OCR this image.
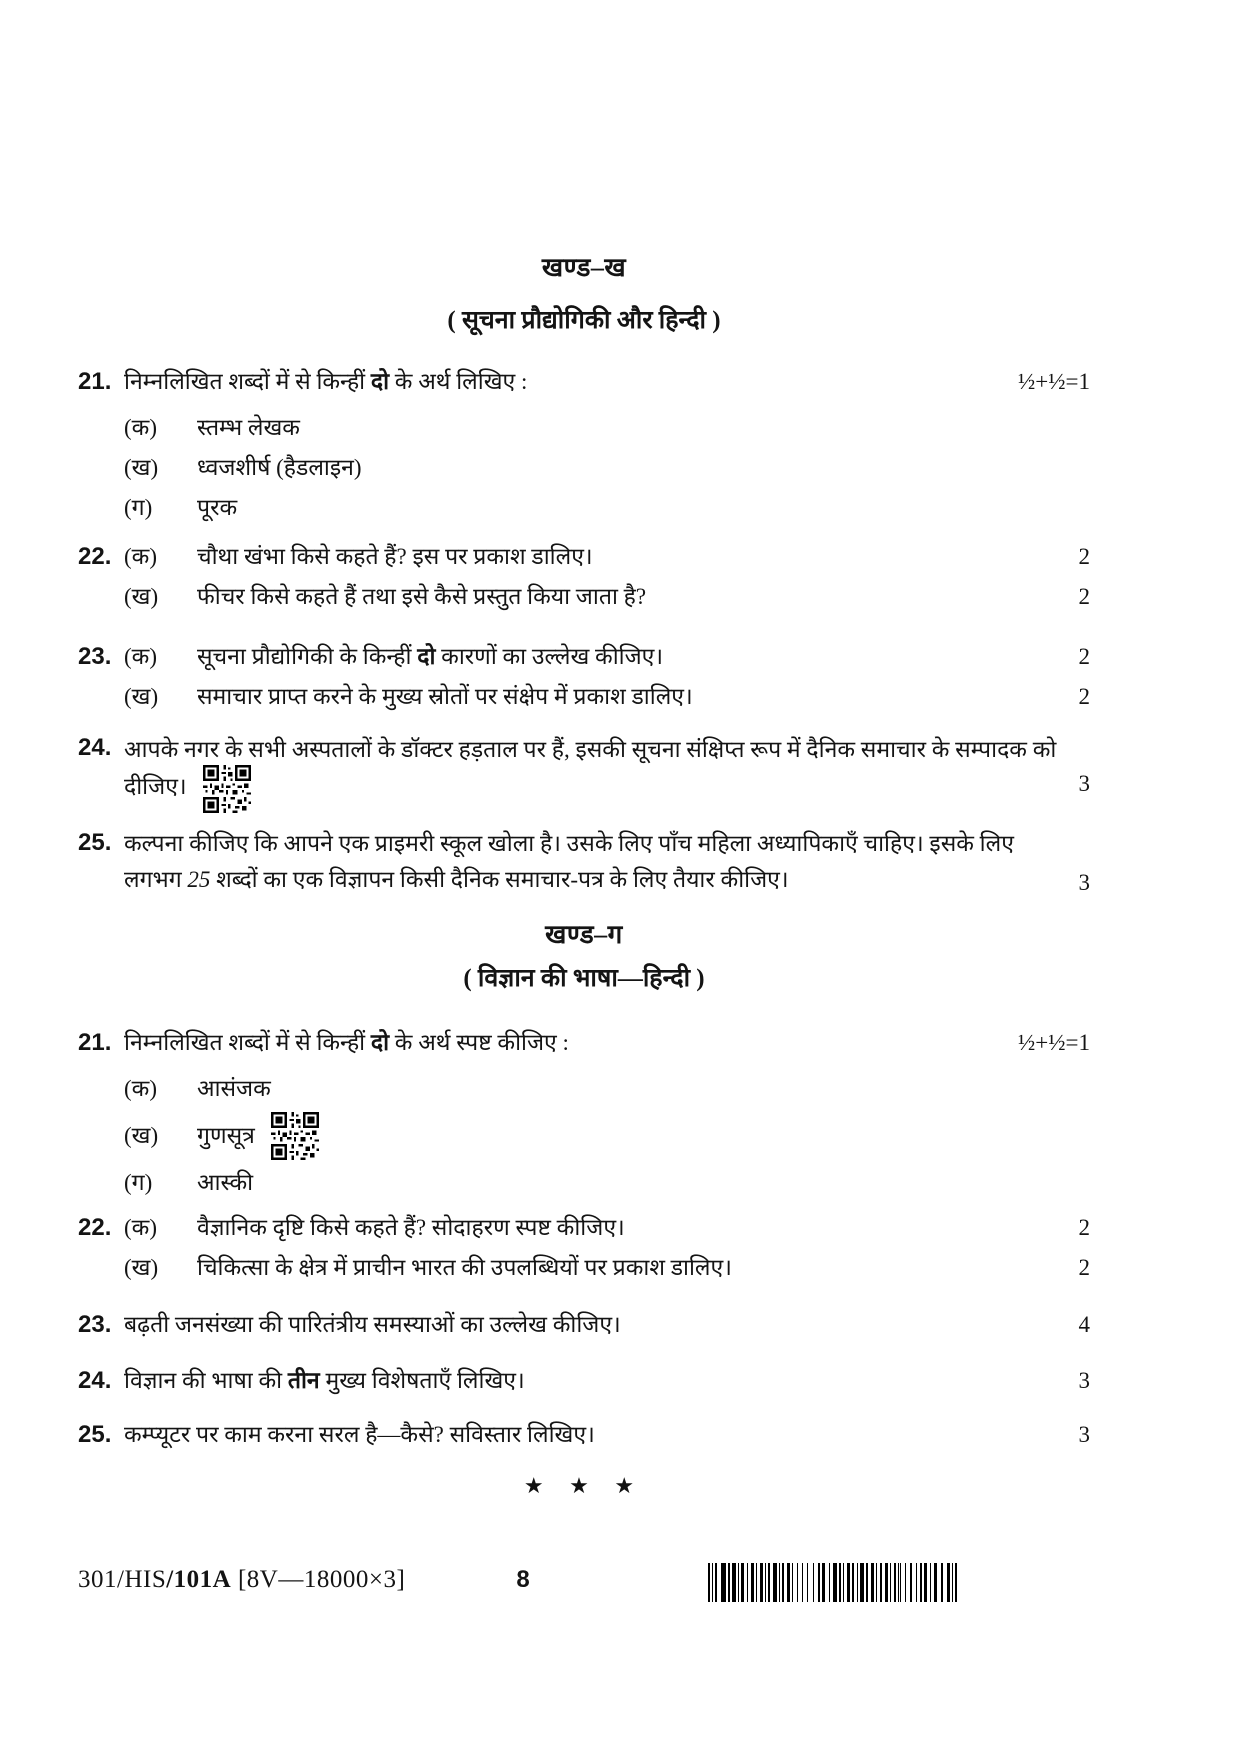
खण्ड–ख
( सूचना प्रौद्योगिकी और हिन्दी )
21. निम्नलिखित शब्दों में से किन्हीं दो के अर्थ लिखिए :	½+½=1
(क)	स्तम्भ लेखक
(ख)	ध्वजशीर्ष (हैडलाइन)
(ग)	पूरक
22. (क)	चौथा खंभा किसे कहते हैं? इस पर प्रकाश डालिए।	2
(ख)	फीचर किसे कहते हैं तथा इसे कैसे प्रस्तुत किया जाता है?	2
23. (क)	सूचना प्रौद्योगिकी के किन्हीं दो कारणों का उल्लेख कीजिए।	2
(ख)	समाचार प्राप्त करने के मुख्य स्रोतों पर संक्षेप में प्रकाश डालिए।	2
24. आपके नगर के सभी अस्पतालों के डॉक्टर हड़ताल पर हैं, इसकी सूचना संक्षिप्त रूप में दैनिक समाचार के सम्पादक को दीजिए।	3
25. कल्पना कीजिए कि आपने एक प्राइमरी स्कूल खोला है। उसके लिए पाँच महिला अध्यापिकाएँ चाहिए। इसके लिए लगभग 25 शब्दों का एक विज्ञापन किसी दैनिक समाचार-पत्र के लिए तैयार कीजिए।	3
खण्ड–ग
( विज्ञान की भाषा—हिन्दी )
21. निम्नलिखित शब्दों में से किन्हीं दो के अर्थ स्पष्ट कीजिए :	½+½=1
(क)	आसंजक
(ख)	गुणसूत्र
(ग)	आस्की
22. (क)	वैज्ञानिक दृष्टि किसे कहते हैं? सोदाहरण स्पष्ट कीजिए।	2
(ख)	चिकित्सा के क्षेत्र में प्राचीन भारत की उपलब्धियों पर प्रकाश डालिए।	2
23. बढ़ती जनसंख्या की पारितंत्रीय समस्याओं का उल्लेख कीजिए।	4
24. विज्ञान की भाषा की तीन मुख्य विशेषताएँ लिखिए।	3
25. कम्प्यूटर पर काम करना सरल है—कैसे? सविस्तार लिखिए।	3
★ ★ ★
301/HIS/101A [8V—18000×3]	8
